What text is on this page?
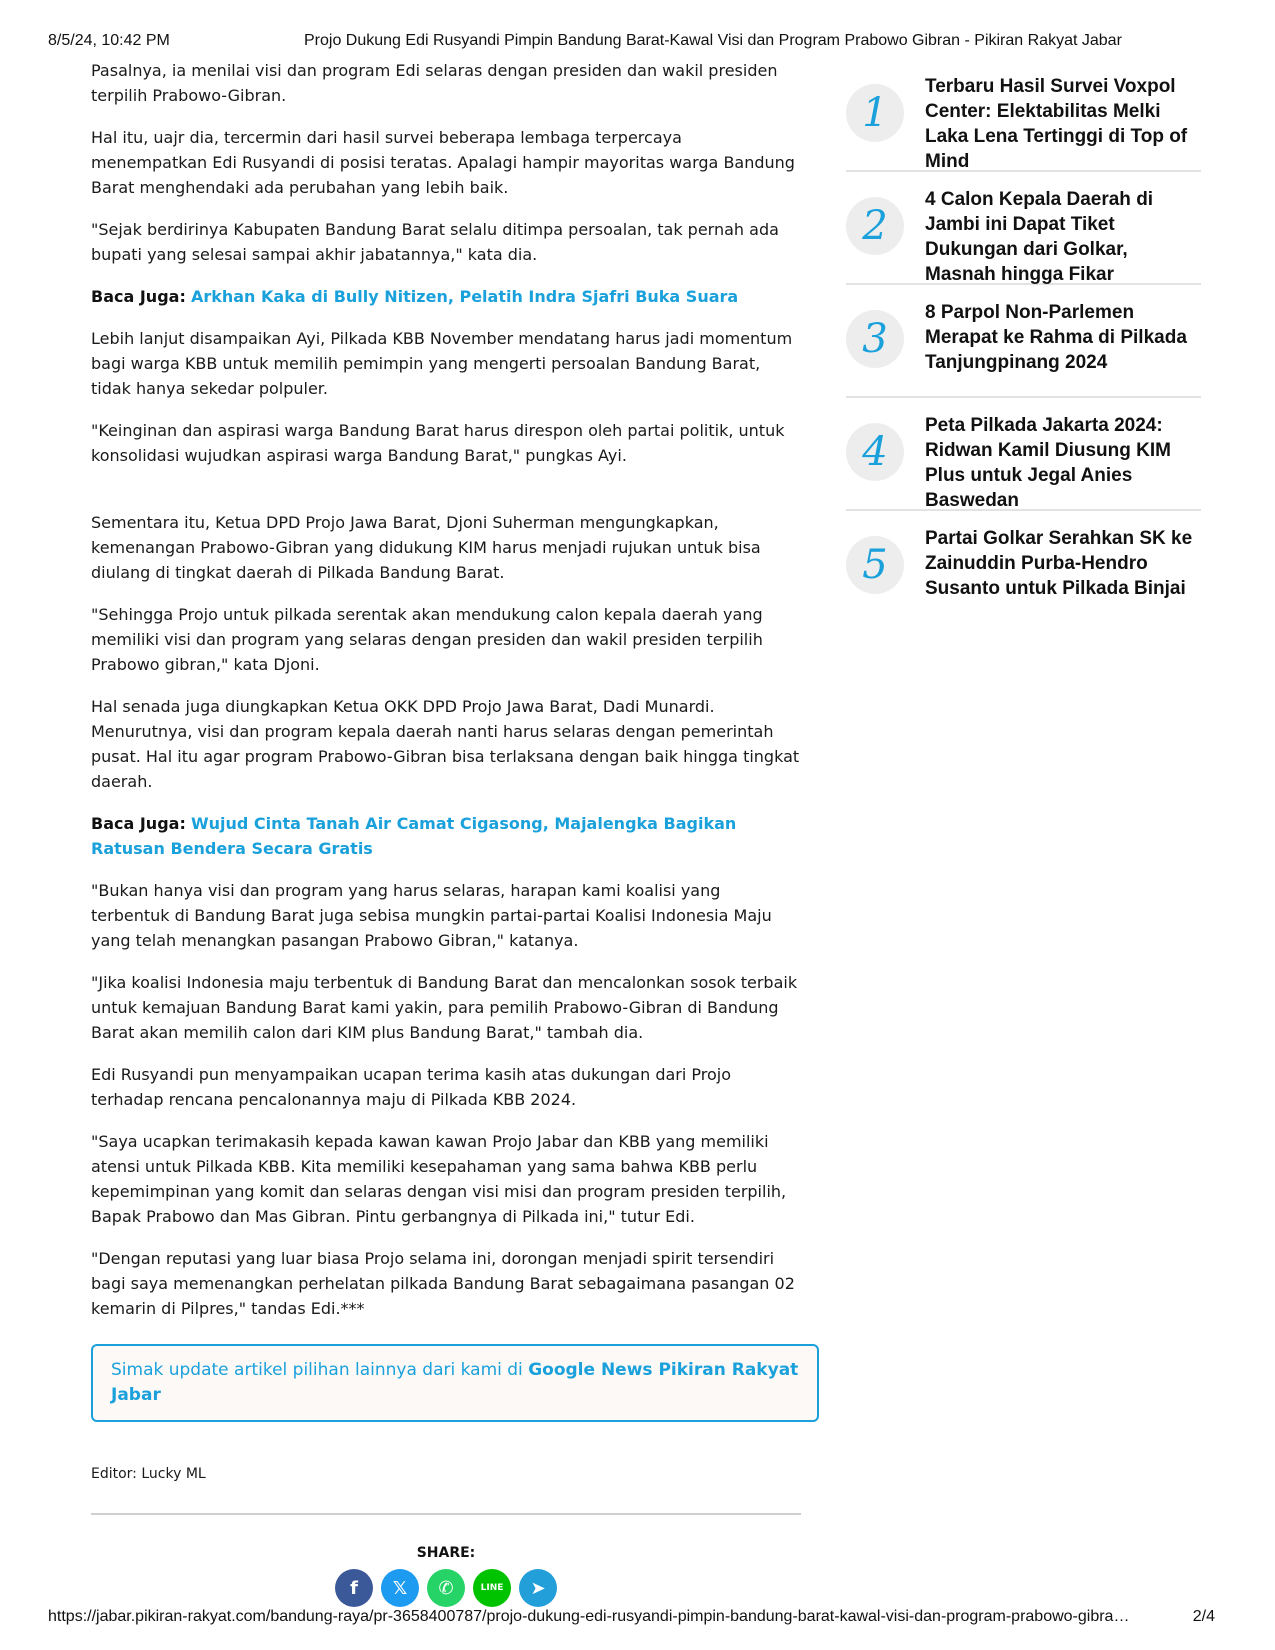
8/5/24, 10:42 PM	Projo Dukung Edi Rusyandi Pimpin Bandung Barat-Kawal Visi dan Program Prabowo Gibran - Pikiran Rakyat Jabar

Pasalnya, ia menilai visi dan program Edi selaras dengan presiden dan wakil presiden terpilih Prabowo-Gibran.

Hal itu, uajr dia, tercermin dari hasil survei beberapa lembaga terpercaya menempatkan Edi Rusyandi di posisi teratas. Apalagi hampir mayoritas warga Bandung Barat menghendaki ada perubahan yang lebih baik.

"Sejak berdirinya Kabupaten Bandung Barat selalu ditimpa persoalan, tak pernah ada bupati yang selesai sampai akhir jabatannya," kata dia.

Baca Juga: Arkhan Kaka di Bully Nitizen, Pelatih Indra Sjafri Buka Suara

Lebih lanjut disampaikan Ayi, Pilkada KBB November mendatang harus jadi momentum bagi warga KBB untuk memilih pemimpin yang mengerti persoalan Bandung Barat, tidak hanya sekedar polpuler.

"Keinginan dan aspirasi warga Bandung Barat harus direspon oleh partai politik, untuk konsolidasi wujudkan aspirasi warga Bandung Barat," pungkas Ayi.

Sementara itu, Ketua DPD Projo Jawa Barat, Djoni Suherman mengungkapkan, kemenangan Prabowo-Gibran yang didukung KIM harus menjadi rujukan untuk bisa diulang di tingkat daerah di Pilkada Bandung Barat.

"Sehingga Projo untuk pilkada serentak akan mendukung calon kepala daerah yang memiliki visi dan program yang selaras dengan presiden dan wakil presiden terpilih Prabowo gibran," kata Djoni.

Hal senada juga diungkapkan Ketua OKK DPD Projo Jawa Barat, Dadi Munardi. Menurutnya, visi dan program kepala daerah nanti harus selaras dengan pemerintah pusat. Hal itu agar program Prabowo-Gibran bisa terlaksana dengan baik hingga tingkat daerah.

Baca Juga: Wujud Cinta Tanah Air Camat Cigasong, Majalengka Bagikan Ratusan Bendera Secara Gratis

"Bukan hanya visi dan program yang harus selaras, harapan kami koalisi yang terbentuk di Bandung Barat juga sebisa mungkin partai-partai Koalisi Indonesia Maju yang telah menangkan pasangan Prabowo Gibran," katanya.

"Jika koalisi Indonesia maju terbentuk di Bandung Barat dan mencalonkan sosok terbaik untuk kemajuan Bandung Barat kami yakin, para pemilih Prabowo-Gibran di Bandung Barat akan memilih calon dari KIM plus Bandung Barat," tambah dia.

Edi Rusyandi pun menyampaikan ucapan terima kasih atas dukungan dari Projo terhadap rencana pencalonannya maju di Pilkada KBB 2024.

"Saya ucapkan terimakasih kepada kawan kawan Projo Jabar dan KBB yang memiliki atensi untuk Pilkada KBB. Kita memiliki kesepahaman yang sama bahwa KBB perlu kepemimpinan yang komit dan selaras dengan visi misi dan program presiden terpilih, Bapak Prabowo dan Mas Gibran. Pintu gerbangnya di Pilkada ini," tutur Edi.

"Dengan reputasi yang luar biasa Projo selama ini, dorongan menjadi spirit tersendiri bagi saya memenangkan perhelatan pilkada Bandung Barat sebagaimana pasangan 02 kemarin di Pilpres," tandas Edi.***

Simak update artikel pilihan lainnya dari kami di Google News Pikiran Rakyat Jabar
Editor: Lucky ML
SHARE:
f 𝕏 ✆	LINE ➤
1
Terbaru Hasil Survei Voxpol Center: Elektabilitas Melki Laka Lena Tertinggi di Top of Mind
2
4 Calon Kepala Daerah di Jambi ini Dapat Tiket Dukungan dari Golkar, Masnah hingga Fikar
3
8 Parpol Non-Parlemen Merapat ke Rahma di Pilkada Tanjungpinang 2024
4
Peta Pilkada Jakarta 2024: Ridwan Kamil Diusung KIM Plus untuk Jegal Anies Baswedan
5
Partai Golkar Serahkan SK ke Zainuddin Purba-Hendro Susanto untuk Pilkada Binjai
https://jabar.pikiran-rakyat.com/bandung-raya/pr-3658400787/projo-dukung-edi-rusyandi-pimpin-bandung-barat-kawal-visi-dan-program-prabowo-gibra…	2/4
